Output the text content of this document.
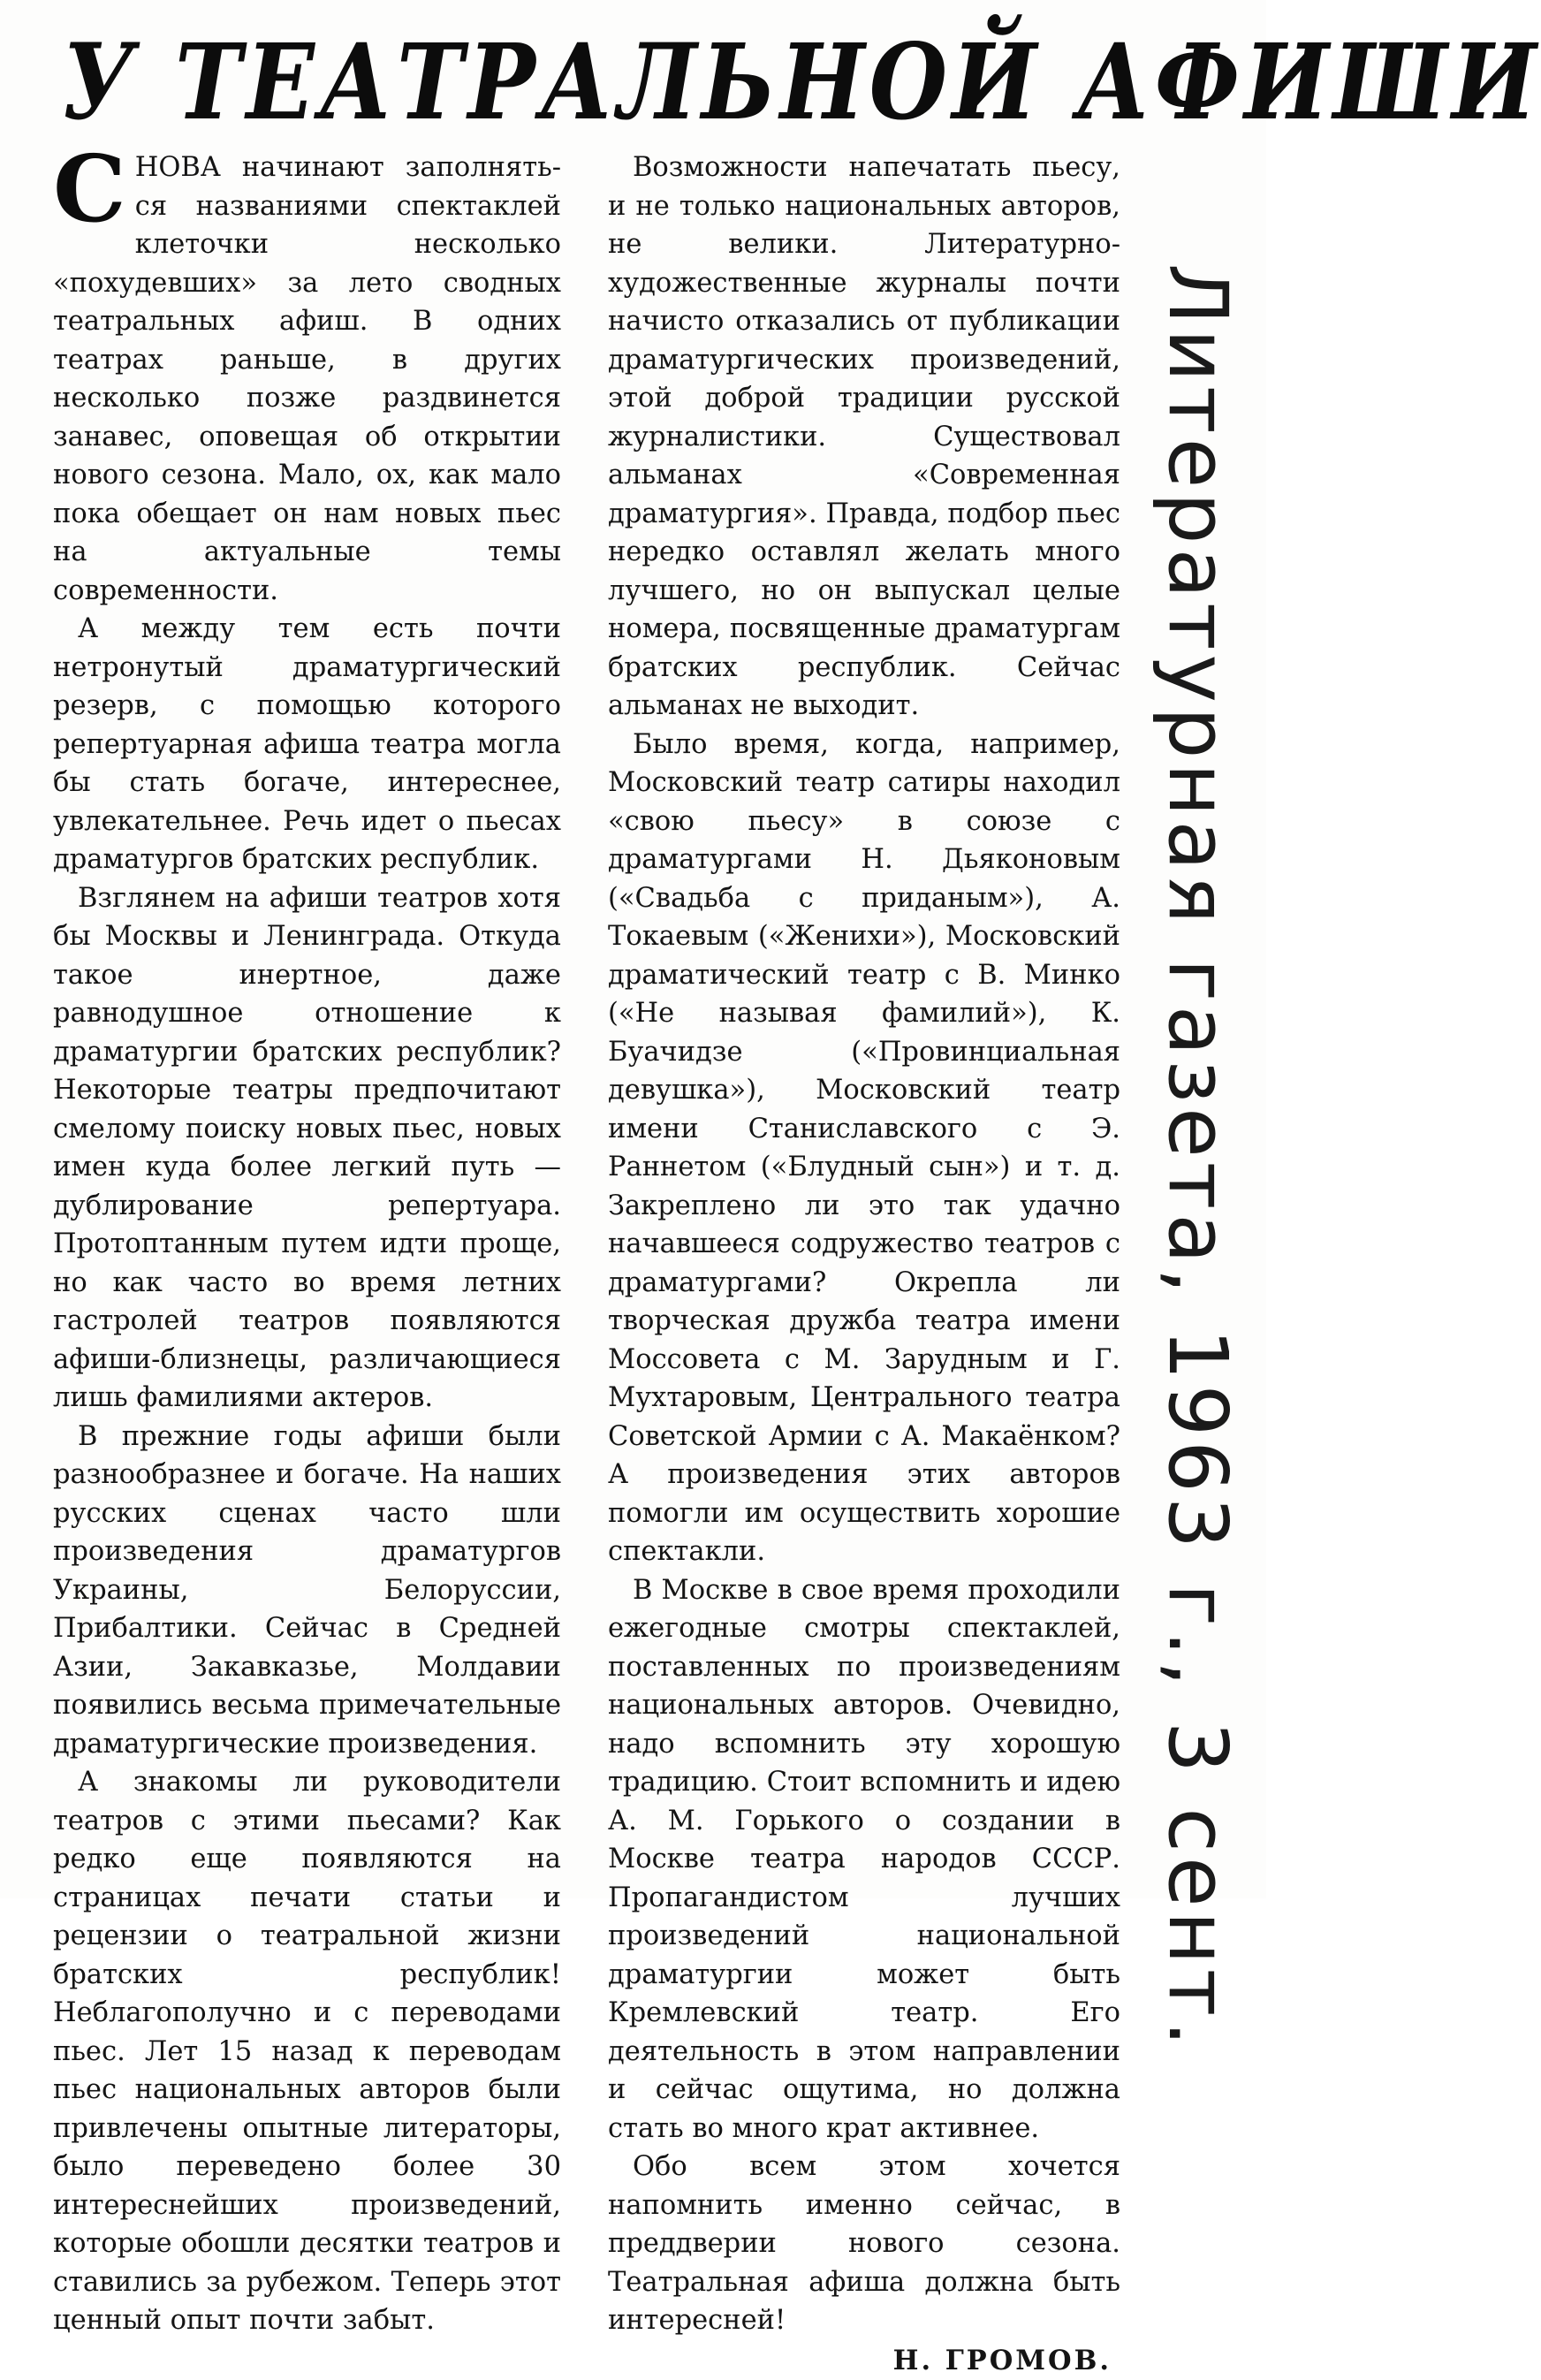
У ТЕАТРАЛЬНОЙ АФИШИ

СНОВА начинают заполнять-ся названиями спектаклей клеточки несколько «похудевших» за лето сводных театральных афиш. В одних театрах раньше, в других несколько позже раздвинется занавес, оповещая об открытии нового сезона. Мало, ох, как мало пока обещает он нам новых пьес на актуальные темы современности.

А между тем есть почти нетронутый драматургический резерв, с помощью которого репертуарная афиша театра могла бы стать богаче, интереснее, увлекательнее. Речь идет о пьесах драматургов братских республик.

Взглянем на афиши театров хотя бы Москвы и Ленинграда. Откуда такое инертное, даже равнодушное отношение к драматургии братских республик? Некоторые театры предпочитают смелому поиску новых пьес, новых имен куда более легкий путь — дублирование репертуара. Протоптанным путем идти проще, но как часто во время летних гастролей театров появляются афиши-близнецы, различающиеся лишь фамилиями актеров.

В прежние годы афиши были разнообразнее и богаче. На наших русских сценах часто шли произведения драматургов Украины, Белоруссии, Прибалтики. Сейчас в Средней Азии, Закавказье, Молдавии появились весьма примечательные драматургические произведения.

А знакомы ли руководители театров с этими пьесами? Как редко еще появляются на страницах печати статьи и рецензии о театральной жизни братских республик! Неблагополучно и с переводами пьес. Лет 15 назад к переводам пьес национальных авторов были привлечены опытные литераторы, было переведено более 30 интереснейших произведений, которые обошли десятки театров и ставились за рубежом. Теперь этот ценный опыт почти забыт.

Возможности напечатать пьесу, и не только национальных авторов, не велики. Литературно-художественные журналы почти начисто отказались от публикации драматургических произведений, этой доброй традиции русской журналистики. Существовал альманах «Современная драматургия». Правда, подбор пьес нередко оставлял желать много лучшего, но он выпускал целые номера, посвященные драматургам братских республик. Сейчас альманах не выходит.

Было время, когда, например, Московский театр сатиры находил «свою пьесу» в союзе с драматургами Н. Дьяконовым («Свадьба с приданым»), А. Токаевым («Женихи»), Московский драматический театр с В. Минко («Не называя фамилий»), К. Буачидзе («Провинциальная девушка»), Московский театр имени Станиславского с Э. Раннетом («Блудный сын») и т. д. Закреплено ли это так удачно начавшееся содружество театров с драматургами? Окрепла ли творческая дружба театра имени Моссовета с М. Зарудным и Г. Мухтаровым, Центрального театра Советской Армии с А. Макаёнком? А произведения этих авторов помогли им осуществить хорошие спектакли.

В Москве в свое время проходили ежегодные смотры спектаклей, поставленных по произведениям национальных авторов. Очевидно, надо вспомнить эту хорошую традицию. Стоит вспомнить и идею А. М. Горького о создании в Москве театра народов СССР. Пропагандистом лучших произведений национальной драматургии может быть Кремлевский театр. Его деятельность в этом направлении и сейчас ощутима, но должна стать во много крат активнее.

Обо всем этом хочется напомнить именно сейчас, в преддверии нового сезона. Театральная афиша должна быть интересней!

Н. ГРОМОВ.
Литературная газета, 1963 г., 3 сент.
